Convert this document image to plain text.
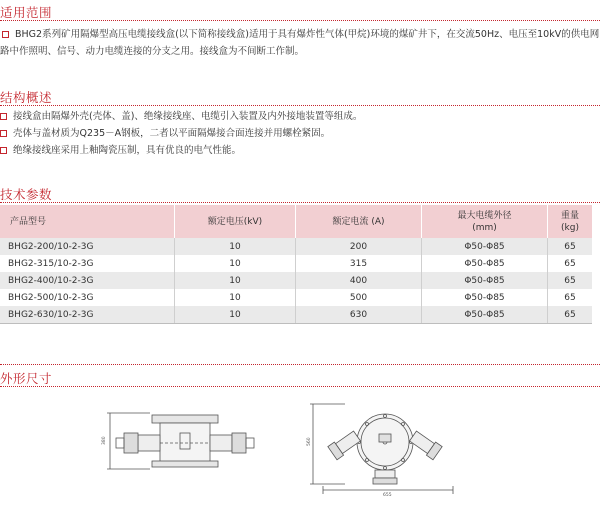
适用范围
BHG2系列矿用隔爆型高压电缆接线盒(以下简称接线盒)适用于具有爆炸性气体(甲烷)环境的煤矿井下，在交流50Hz、电压至10kV的供电网
路中作照明、信号、动力电缆连接的分支之用。接线盒为不间断工作制。
结构概述
接线盒由隔爆外壳(壳体、盖)、绝缘接线座、电缆引入装置及内外接地装置等组成。
壳体与盖材质为Q235－A钢板，二者以平面隔爆接合面连接并用螺栓紧固。
绝缘接线座采用上釉陶瓷压制，具有优良的电气性能。
技术参数
产品型号	额定电压(kV)	额定电流 (A)	最大电缆外径
(mm)	重量 (kg)
BHG2-200/10-2-3G	10	200	Φ50-Φ85	65
BHG2-315/10-2-3G	10	315	Φ50-Φ85	65
BHG2-400/10-2-3G	10	400	Φ50-Φ85	65
BHG2-500/10-2-3G	10	500	Φ50-Φ85	65
BHG2-630/10-2-3G	10	630	Φ50-Φ85	65
外形尺寸
380	560
655
